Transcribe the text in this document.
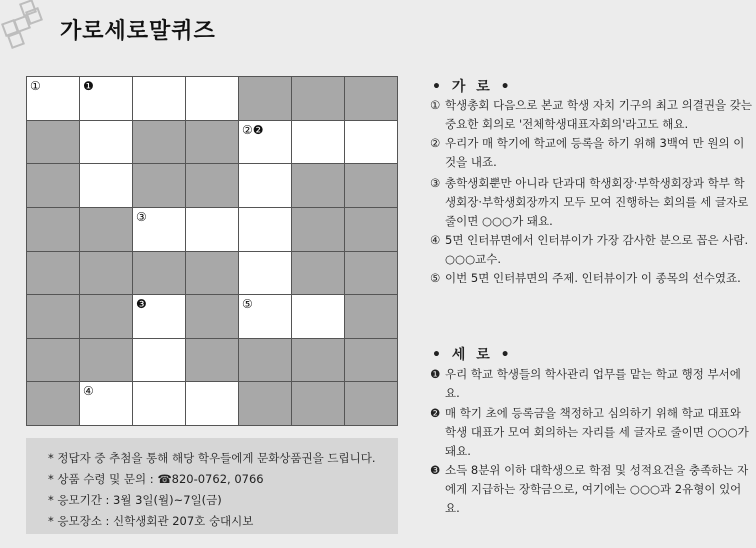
가로세로말퀴즈
①	❶
②❷
③
❸	⑤
④
* 정답자 중 추첨을 통해 해당 학우들에게 문화상품권을 드립니다.
* 상품 수령 및 문의 : ☎820-0762, 0766
* 응모기간 : 3월 3일(월)~7일(금)
* 응모장소 : 신학생회관 207호 숭대시보
• 가 로 •
① 학생총회 다음으로 본교 학생 자치 기구의 최고 의결권을 갖는 중요한 회의로 '전체학생대표자회의'라고도 해요.
② 우리가 매 학기에 학교에 등록을 하기 위해 3백여 만 원의 이것을 내죠.
③ 총학생회뿐만 아니라 단과대 학생회장·부학생회장과 학부 학생회장·부학생회장까지 모두 모여 진행하는 회의를 세 글자로 줄이면 ○○○가 돼요.
④ 5면 인터뷰면에서 인터뷰이가 가장 감사한 분으로 꼽은 사람. ○○○교수.
⑤ 이번 5면 인터뷰면의 주제. 인터뷰이가 이 종목의 선수였죠.
• 세 로 •
❶ 우리 학교 학생들의 학사관리 업무를 맡는 학교 행정 부서에요.
❷ 매 학기 초에 등록금을 책정하고 심의하기 위해 학교 대표와 학생 대표가 모여 회의하는 자리를 세 글자로 줄이면 ○○○가 돼요.
❸ 소득 8분위 이하 대학생으로 학점 및 성적요건을 충족하는 자에게 지급하는 장학금으로, 여기에는 ○○○과 2유형이 있어요.
